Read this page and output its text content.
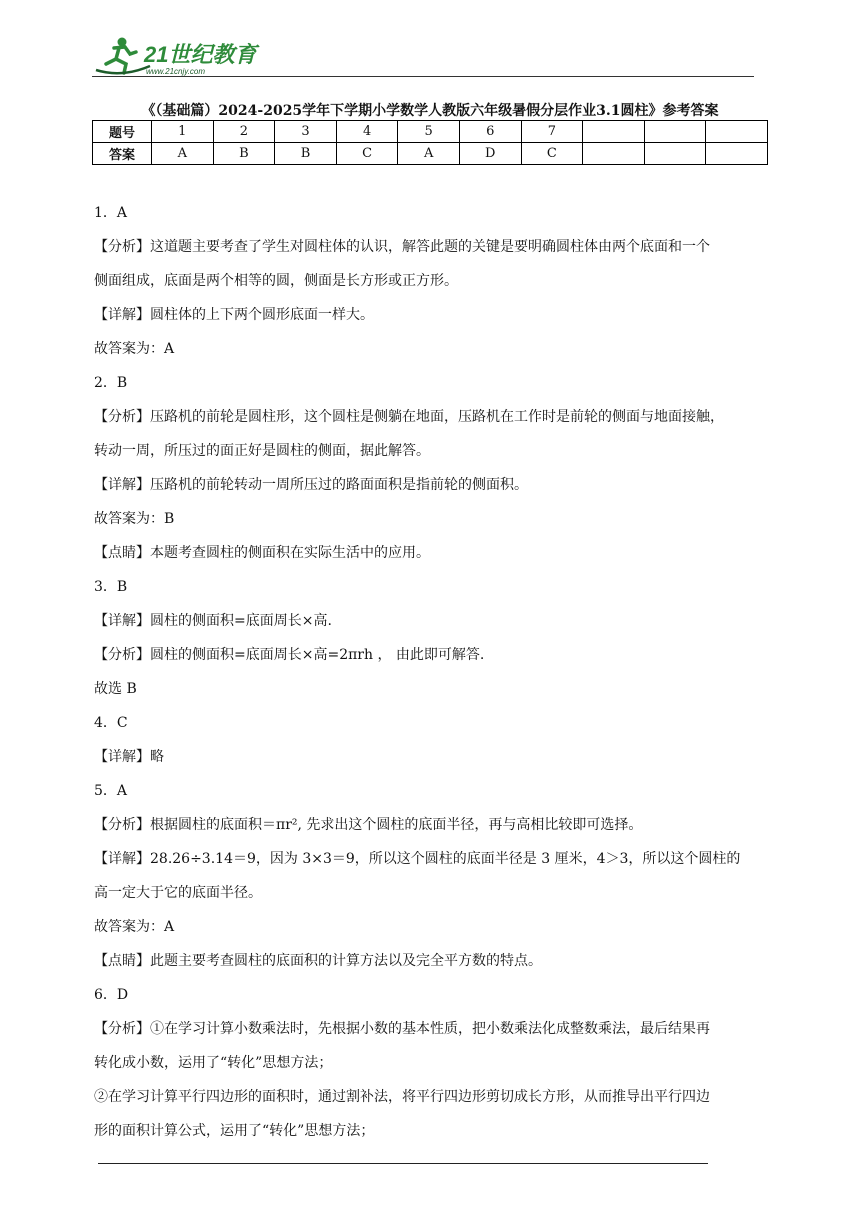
21世纪教育
www.21cnjy.com
《（基础篇）2024-2025学年下学期小学数学人教版六年级暑假分层作业3.1圆柱》参考答案
题号	1	2	3	4	5	6	7			
答案	A	B	B	C	A	D	C			

1．A

【分析】这道题主要考查了学生对圆柱体的认识，解答此题的关键是要明确圆柱体由两个底面和一个

侧面组成，底面是两个相等的圆，侧面是长方形或正方形。

【详解】圆柱体的上下两个圆形底面一样大。

故答案为：A

2．B

【分析】压路机的前轮是圆柱形，这个圆柱是侧躺在地面，压路机在工作时是前轮的侧面与地面接触，

转动一周，所压过的面正好是圆柱的侧面，据此解答。

【详解】压路机的前轮转动一周所压过的路面面积是指前轮的侧面积。

故答案为：B

【点睛】本题考查圆柱的侧面积在实际生活中的应用。

3．B

【详解】圆柱的侧面积=底面周长×高.

【分析】圆柱的侧面积=底面周长×高=2πrh ， 由此即可解答.

故选 B

4．C

【详解】略

5．A

【分析】根据圆柱的底面积＝πr², 先求出这个圆柱的底面半径，再与高相比较即可选择。

【详解】28.26÷3.14＝9，因为 3×3＝9，所以这个圆柱的底面半径是 3 厘米，4＞3，所以这个圆柱的

高一定大于它的底面半径。

故答案为：A

【点睛】此题主要考查圆柱的底面积的计算方法以及完全平方数的特点。

6．D

【分析】①在学习计算小数乘法时，先根据小数的基本性质，把小数乘法化成整数乘法，最后结果再

转化成小数，运用了“转化”思想方法；

②在学习计算平行四边形的面积时，通过割补法，将平行四边形剪切成长方形，从而推导出平行四边

形的面积计算公式，运用了“转化”思想方法；
